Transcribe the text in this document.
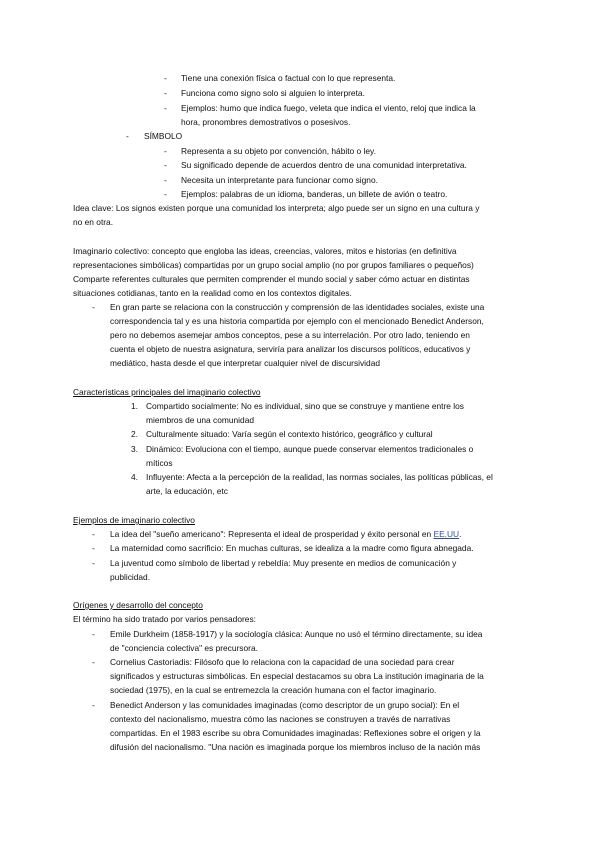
- Tiene una conexión física o factual con lo que representa.
- Funciona como signo solo si alguien lo interpreta.
- Ejemplos: humo que indica fuego, veleta que indica el viento, reloj que indica la
hora, pronombres demostrativos o posesivos.
- SÍMBOLO
- Representa a su objeto por convención, hábito o ley.
- Su significado depende de acuerdos dentro de una comunidad interpretativa.
- Necesita un interpretante para funcionar como signo.
- Ejemplos: palabras de un idioma, banderas, un billete de avión o teatro.
Idea clave: Los signos existen porque una comunidad los interpreta; algo puede ser un signo en una cultura y
no en otra.
Imaginario colectivo: concepto que engloba las ideas, creencias, valores, mitos e historias (en definitiva
representaciones simbólicas) compartidas por un grupo social amplio (no por grupos familiares o pequeños)
Comparte referentes culturales que permiten comprender el mundo social y saber cómo actuar en distintas
situaciones cotidianas, tanto en la realidad como en los contextos digitales.
- En gran parte se relaciona con la construcción y comprensión de las identidades sociales, existe una
correspondencia tal y es una historia compartida por ejemplo con el mencionado Benedict Anderson,
pero no debemos asemejar ambos conceptos, pese a su interrelación. Por otro lado, teniendo en
cuenta el objeto de nuestra asignatura, serviría para analizar los discursos políticos, educativos y
mediático, hasta desde el que interpretar cualquier nivel de discursividad
Características principales del imaginario colectivo
1. Compartido socialmente: No es individual, sino que se construye y mantiene entre los
miembros de una comunidad
2. Culturalmente situado: Varía según el contexto histórico, geográfico y cultural
3. Dinámico: Evoluciona con el tiempo, aunque puede conservar elementos tradicionales o
míticos
4. Influyente: Afecta a la percepción de la realidad, las normas sociales, las políticas públicas, el
arte, la educación, etc
Ejemplos de imaginario colectivo
- La idea del "sueño americano": Representa el ideal de prosperidad y éxito personal en EE.UU.
- La maternidad como sacrificio: En muchas culturas, se idealiza a la madre como figura abnegada.
- La juventud como símbolo de libertad y rebeldía: Muy presente en medios de comunicación y
publicidad.
Orígenes y desarrollo del concepto
El término ha sido tratado por varios pensadores:
- Emile Durkheim (1858-1917) y la sociología clásica: Aunque no usó el término directamente, su idea
de "conciencia colectiva" es precursora.
- Cornelius Castoriadis: Filósofo que lo relaciona con la capacidad de una sociedad para crear
significados y estructuras simbólicas. En especial destacamos su obra La institución imaginaria de la
sociedad (1975), en la cual se entremezcla la creación humana con el factor imaginario.
- Benedict Anderson y las comunidades imaginadas (como descriptor de un grupo social): En el
contexto del nacionalismo, muestra cómo las naciones se construyen a través de narrativas
compartidas. En el 1983 escribe su obra Comunidades imaginadas: Reflexiones sobre el origen y la
difusión del nacionalismo. "Una nación es imaginada porque los miembros incluso de la nación más
